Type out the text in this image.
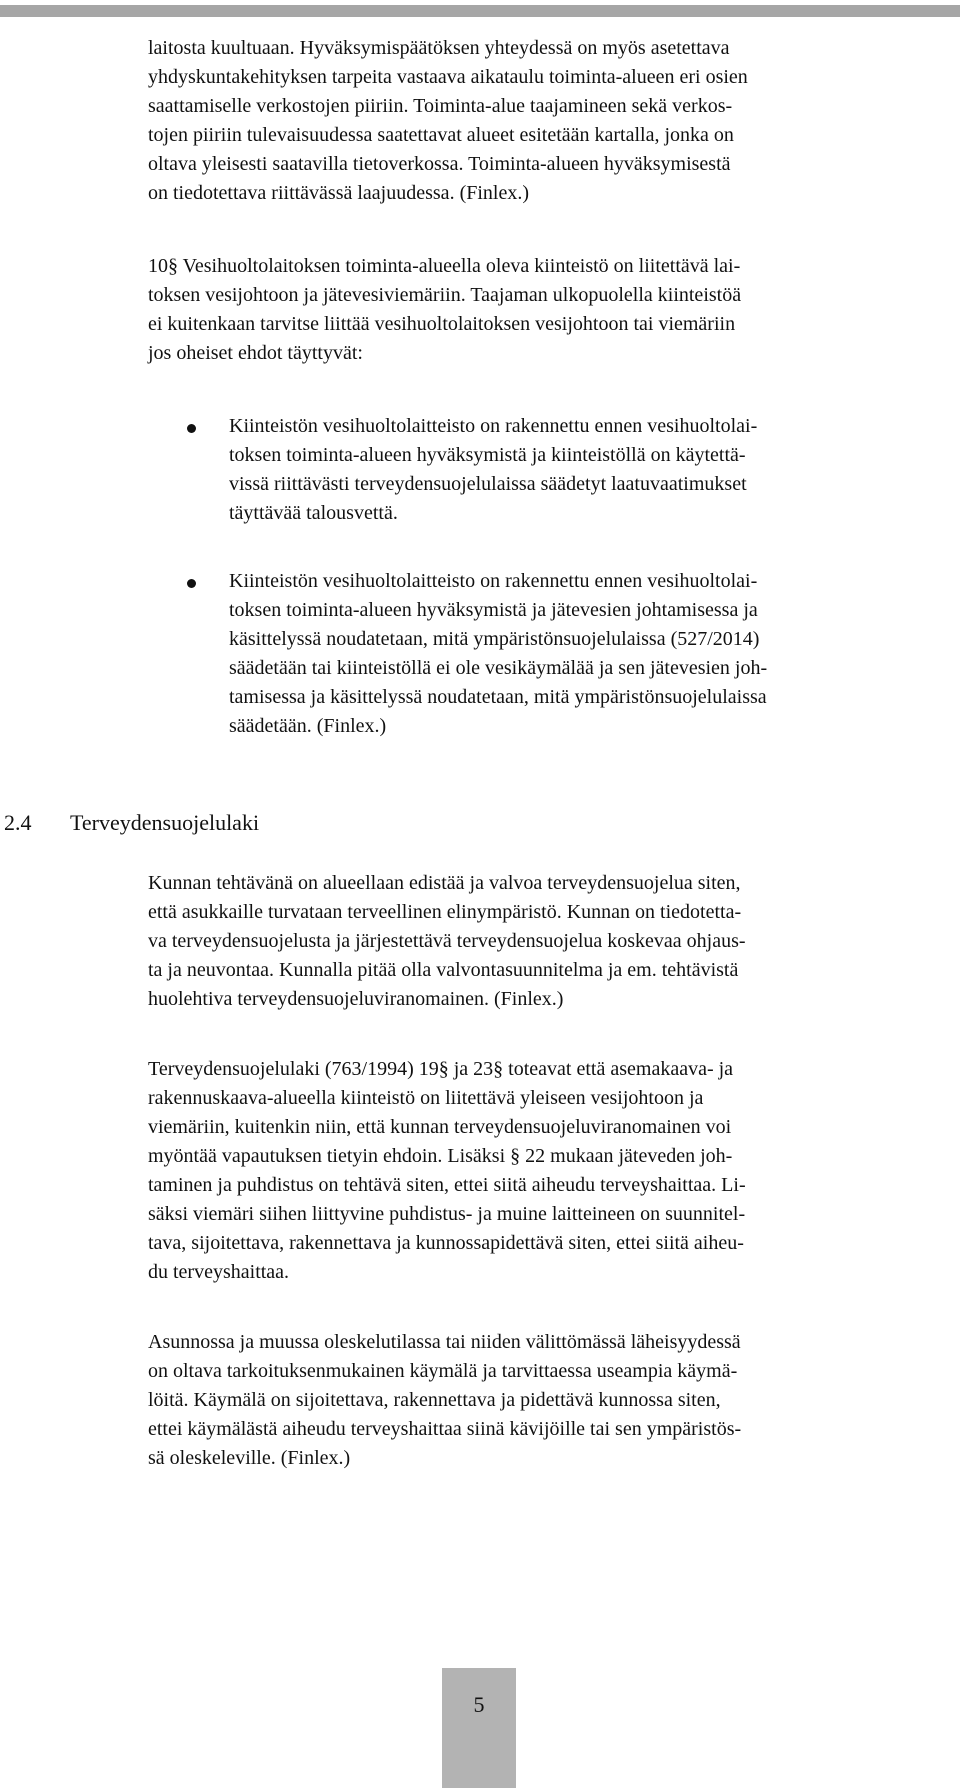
laitosta kuultuaan. Hyväksymispäätöksen yhteydessä on myös asetettava
yhdyskuntakehityksen tarpeita vastaava aikataulu toiminta-alueen eri osien
saattamiselle verkostojen piiriin. Toiminta-alue taajamineen sekä verkos-
tojen piiriin tulevaisuudessa saatettavat alueet esitetään kartalla, jonka on
oltava yleisesti saatavilla tietoverkossa. Toiminta-alueen hyväksymisestä
on tiedotettava riittävässä laajuudessa. (Finlex.)
10§ Vesihuoltolaitoksen toiminta-alueella oleva kiinteistö on liitettävä lai-
toksen vesijohtoon ja jätevesiviemäriin. Taajaman ulkopuolella kiinteistöä
ei kuitenkaan tarvitse liittää vesihuoltolaitoksen vesijohtoon tai viemäriin
jos oheiset ehdot täyttyvät:
Kiinteistön vesihuoltolaitteisto on rakennettu ennen vesihuoltolai-
toksen toiminta-alueen hyväksymistä ja kiinteistöllä on käytettä-
vissä riittävästi terveydensuojelulaissa säädetyt laatuvaatimukset
täyttävää talousvettä.
Kiinteistön vesihuoltolaitteisto on rakennettu ennen vesihuoltolai-
toksen toiminta-alueen hyväksymistä ja jätevesien johtamisessa ja
käsittelyssä noudatetaan, mitä ympäristönsuojelulaissa (527/2014)
säädetään tai kiinteistöllä ei ole vesikäymälää ja sen jätevesien joh-
tamisessa ja käsittelyssä noudatetaan, mitä ympäristönsuojelulaissa
säädetään. (Finlex.)
2.4 Terveydensuojelulaki
Kunnan tehtävänä on alueellaan edistää ja valvoa terveydensuojelua siten,
että asukkaille turvataan terveellinen elinympäristö. Kunnan on tiedotetta-
va terveydensuojelusta ja järjestettävä terveydensuojelua koskevaa ohjaus-
ta ja neuvontaa. Kunnalla pitää olla valvontasuunnitelma ja em. tehtävistä
huolehtiva terveydensuojeluviranomainen. (Finlex.)
Terveydensuojelulaki (763/1994) 19§ ja 23§ toteavat että asemakaava- ja
rakennuskaava-alueella kiinteistö on liitettävä yleiseen vesijohtoon ja
viemäriin, kuitenkin niin, että kunnan terveydensuojeluviranomainen voi
myöntää vapautuksen tietyin ehdoin. Lisäksi § 22 mukaan jäteveden joh-
taminen ja puhdistus on tehtävä siten, ettei siitä aiheudu terveyshaittaa. Li-
säksi viemäri siihen liittyvine puhdistus- ja muine laitteineen on suunnitel-
tava, sijoitettava, rakennettava ja kunnossapidettävä siten, ettei siitä aiheu-
du terveyshaittaa.
Asunnossa ja muussa oleskelutilassa tai niiden välittömässä läheisyydessä
on oltava tarkoituksenmukainen käymälä ja tarvittaessa useampia käymä-
löitä. Käymälä on sijoitettava, rakennettava ja pidettävä kunnossa siten,
ettei käymälästä aiheudu terveyshaittaa siinä kävijöille tai sen ympäristös-
sä oleskeleville. (Finlex.)
5
